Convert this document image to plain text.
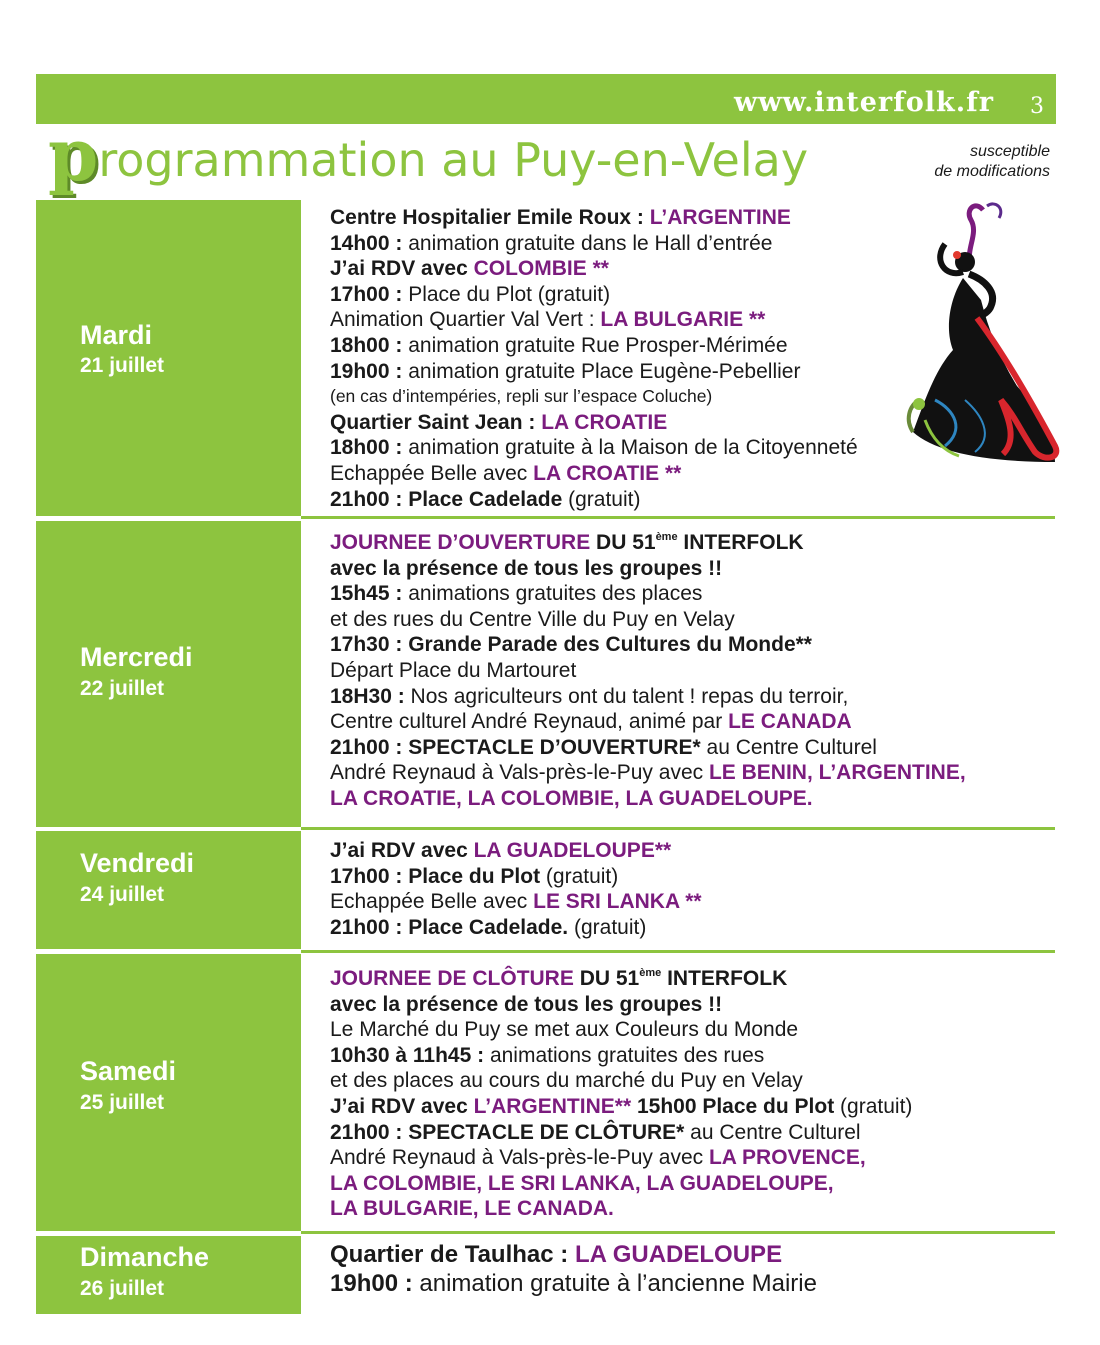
www.interfolk.fr 3
programmation au Puy-en-Velay	susceptible
de modifications
Mardi
21 juillet
Mercredi
22 juillet
Vendredi
24 juillet
Samedi
25 juillet
Dimanche
26 juillet
Centre Hospitalier Emile Roux : L’ARGENTINE
14h00 : animation gratuite dans le Hall d’entrée
J’ai RDV avec COLOMBIE **
17h00 : Place du Plot (gratuit)
Animation Quartier Val Vert : LA BULGARIE **
18h00 : animation gratuite Rue Prosper-Mérimée
19h00 : animation gratuite Place Eugène-Pebellier
(en cas d’intempéries, repli sur l’espace Coluche)
Quartier Saint Jean : LA CROATIE
18h00 : animation gratuite à la Maison de la Citoyenneté
Echappée Belle avec LA CROATIE **
21h00 : Place Cadelade (gratuit)
JOURNEE D’OUVERTURE DU 51ème INTERFOLK
avec la présence de tous les groupes !!
15h45 : animations gratuites des places
et des rues du Centre Ville du Puy en Velay
17h30 : Grande Parade des Cultures du Monde**
Départ Place du Martouret
18H30 : Nos agriculteurs ont du talent ! repas du terroir,
Centre culturel André Reynaud, animé par LE CANADA
21h00 : SPECTACLE D’OUVERTURE* au Centre Culturel
André Reynaud à Vals-près-le-Puy avec LE BENIN, L’ARGENTINE,
LA CROATIE, LA COLOMBIE, LA GUADELOUPE.
J’ai RDV avec LA GUADELOUPE**
17h00 : Place du Plot (gratuit)
Echappée Belle avec LE SRI LANKA **
21h00 : Place Cadelade. (gratuit)
JOURNEE DE CLÔTURE DU 51ème INTERFOLK
avec la présence de tous les groupes !!
Le Marché du Puy se met aux Couleurs du Monde
10h30 à 11h45 : animations gratuites des rues
et des places au cours du marché du Puy en Velay
J’ai RDV avec L’ARGENTINE** 15h00 Place du Plot (gratuit)
21h00 : SPECTACLE DE CLÔTURE* au Centre Culturel
André Reynaud à Vals-près-le-Puy avec LA PROVENCE,
LA COLOMBIE, LE SRI LANKA, LA GUADELOUPE,
LA BULGARIE, LE CANADA.
Quartier de Taulhac : LA GUADELOUPE
19h00 : animation gratuite à l’ancienne Mairie
